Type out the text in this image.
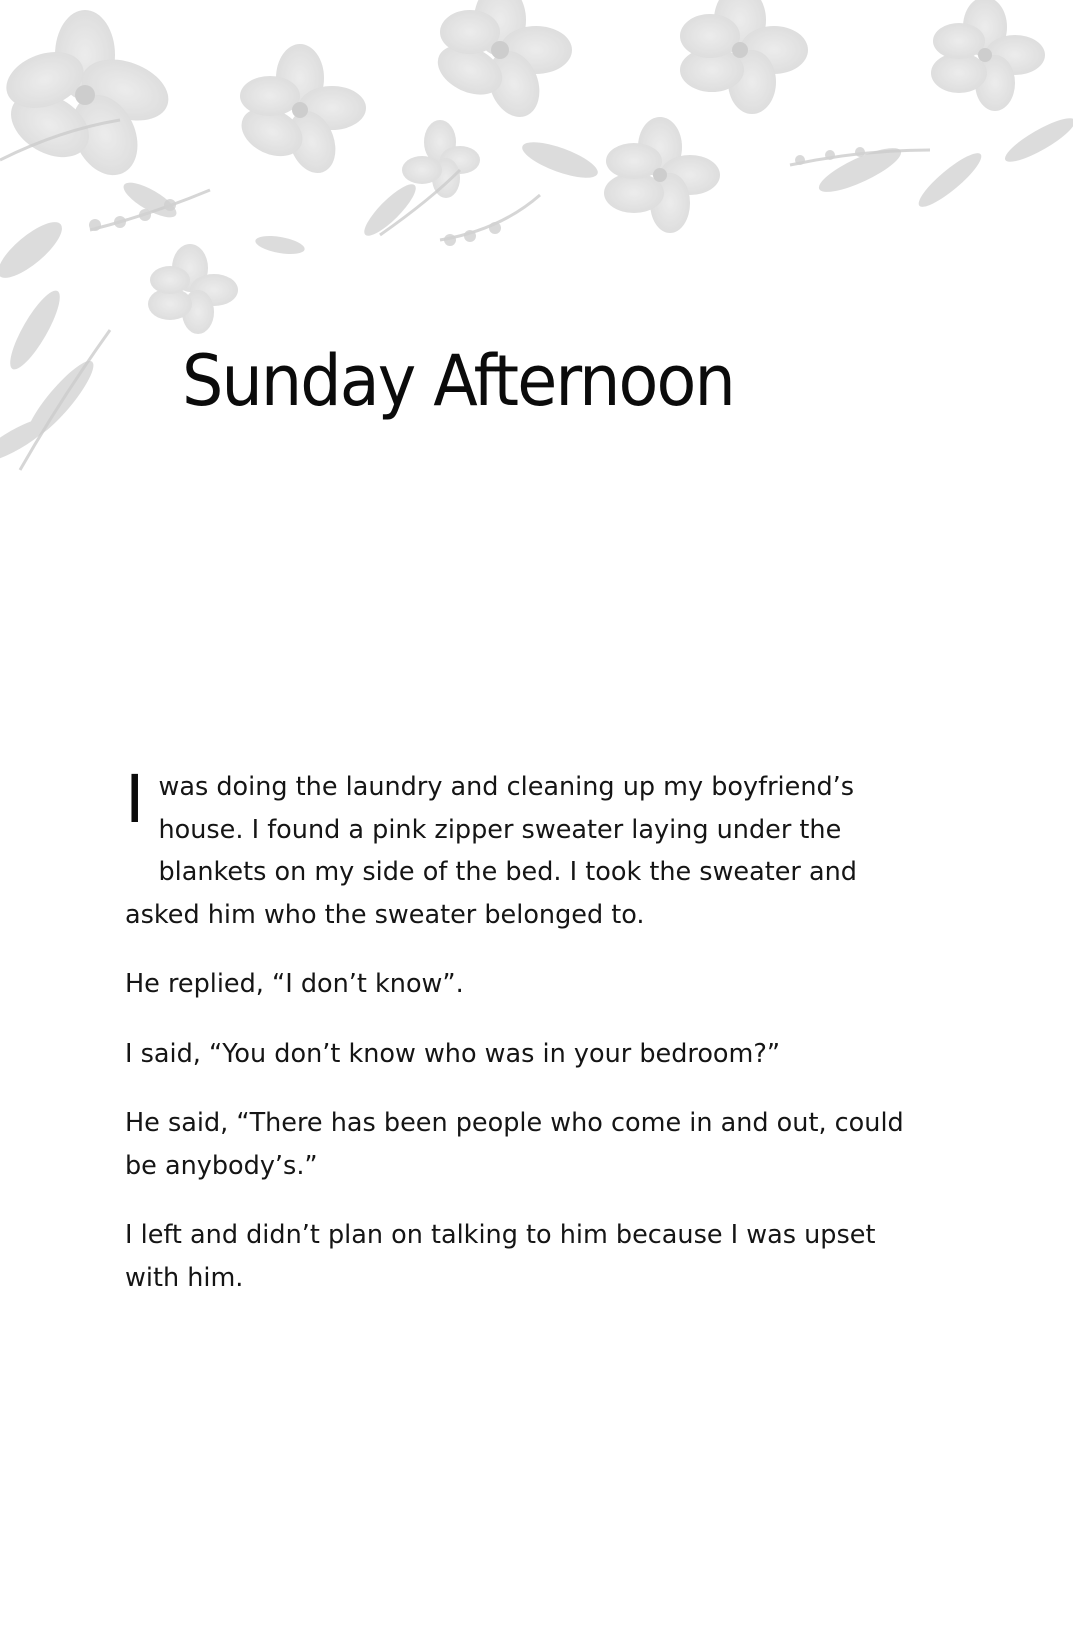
Sunday Afternoon

Iwas doing the laundry and cleaning up my boyfriend’s house. I found a pink zipper sweater laying under the blankets on my side of the bed. I took the sweater and asked him who the sweater belonged to.

He replied, “I don’t know”.

I said, “You don’t know who was in your bedroom?”

He said, “There has been people who come in and out, could be anybody’s.”

I left and didn’t plan on talking to him because I was upset with him.
